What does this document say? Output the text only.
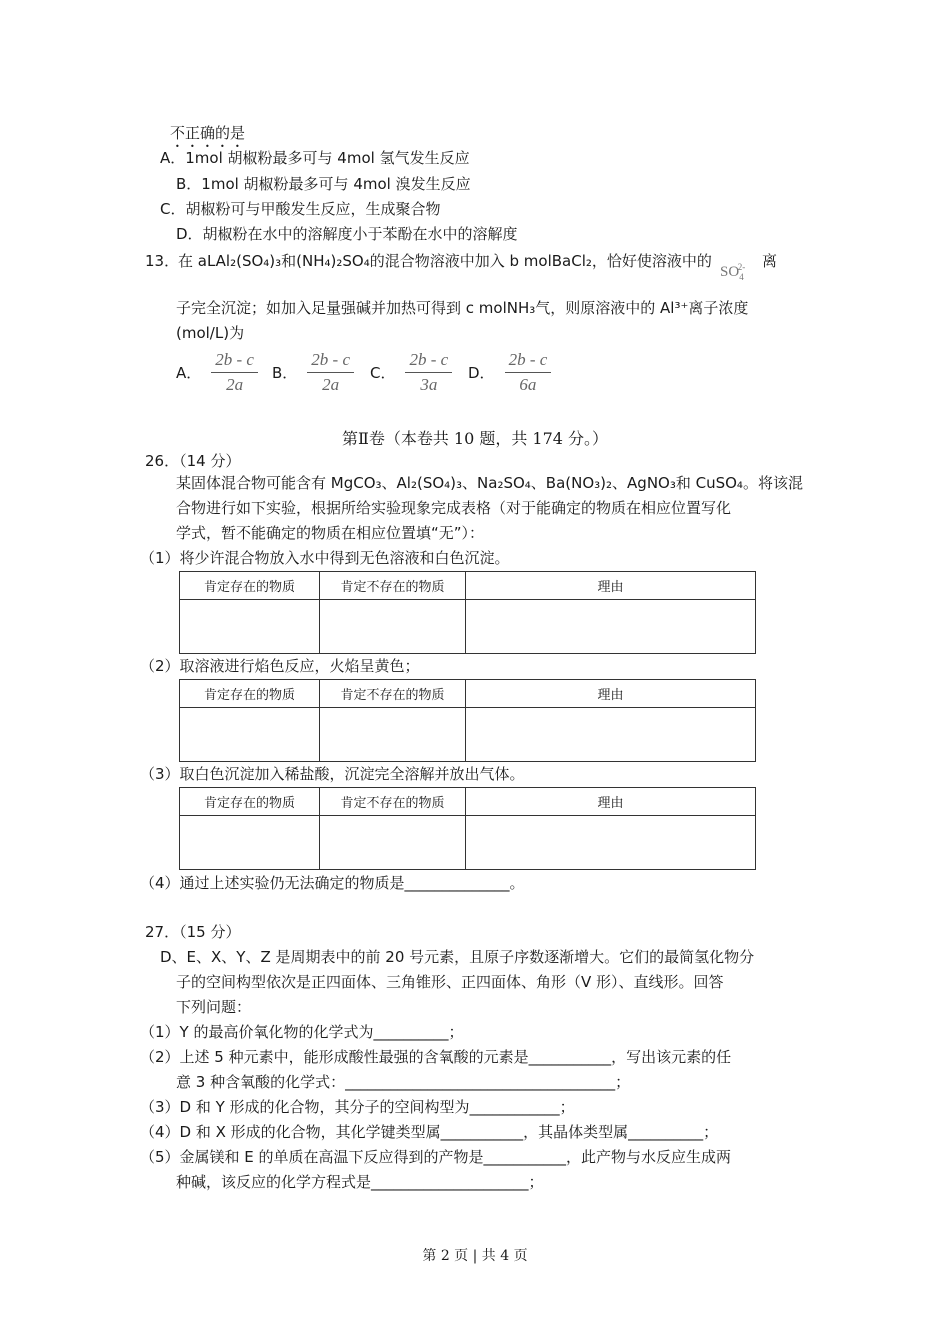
不正确的是
A．1mol 胡椒粉最多可与 4mol 氢气发生反应
B．1mol 胡椒粉最多可与 4mol 溴发生反应
C．胡椒粉可与甲酸发生反应，生成聚合物
D．胡椒粉在水中的溶解度小于苯酚在水中的溶解度
13．
在 aLAl₂(SO₄)₃和(NH₄)₂SO₄的混合物溶液中加入 b molBaCl₂，恰好使溶液中的
$SO_4^{2-}$ 离
子完全沉淀；如加入足量强碱并加热可得到 c molNH₃气，则原溶液中的 Al³⁺离子浓度
(mol/L)为
A． $\frac{2b - c}{2a}$ B． $\frac{2b - c}{2a}$ C． $\frac{2b - c}{3a}$ D． $\frac{2b - c}{6a}$
第Ⅱ卷（本卷共 10 题，共 174 分。）
26．（14 分）
某固体混合物可能含有 MgCO₃、Al₂(SO₄)₃、Na₂SO₄、Ba(NO₃)₂、AgNO₃和 CuSO₄。将该混
合物进行如下实验，根据所给实验现象完成表格（对于能确定的物质在相应位置写化
学式，暂不能确定的物质在相应位置填“无”）：
（1）将少许混合物放入水中得到无色溶液和白色沉淀。
肯定存在的物质	肯定不存在的物质	理由

（2）取溶液进行焰色反应，火焰呈黄色；
肯定存在的物质	肯定不存在的物质	理由

（3）取白色沉淀加入稀盐酸，沉淀完全溶解并放出气体。
肯定存在的物质	肯定不存在的物质	理由

（4）通过上述实验仍无法确定的物质是______________。
27．（15 分）
D、E、X、Y、Z 是周期表中的前 20 号元素，且原子序数逐渐增大。它们的最简氢化物分
子的空间构型依次是正四面体、三角锥形、正四面体、角形（V 形）、直线形。回答
下列问题：
（1）Y 的最高价氧化物的化学式为__________；
（2）上述 5 种元素中，能形成酸性最强的含氧酸的元素是___________，写出该元素的任
意 3 种含氧酸的化学式：____________________________________；
（3）D 和 Y 形成的化合物，其分子的空间构型为____________；
（4）D 和 X 形成的化合物，其化学键类型属___________，其晶体类型属__________；
（5）金属镁和 E 的单质在高温下反应得到的产物是___________，此产物与水反应生成两
种碱，该反应的化学方程式是_____________________；
第 2 页 | 共 4 页
